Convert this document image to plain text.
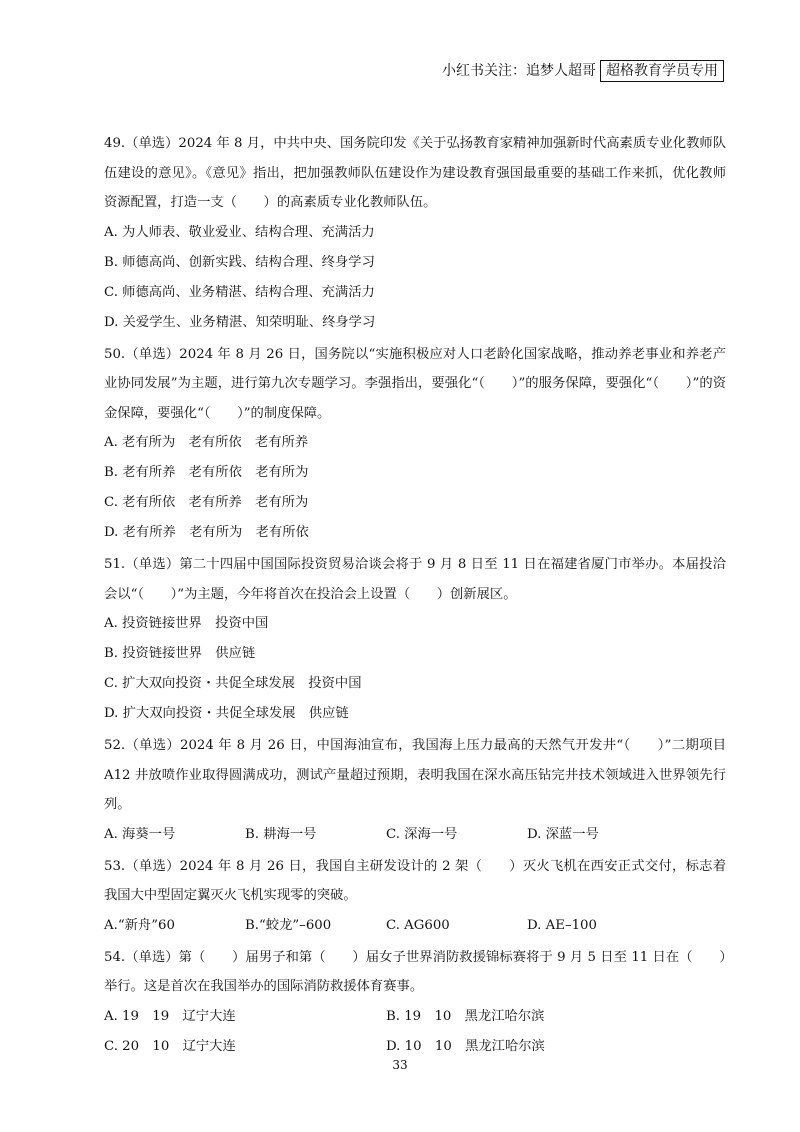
小红书关注：追梦人超哥 超格教育学员专用

49.（单选）2024 年 8 月，中共中央、国务院印发《关于弘扬教育家精神加强新时代高素质专业化教师队伍建设的意见》。《意见》指出，把加强教师队伍建设作为建设教育强国最重要的基础工作来抓，优化教师资源配置，打造一支（　　）的高素质专业化教师队伍。

A. 为人师表、敬业爱业、结构合理、充满活力

B. 师德高尚、创新实践、结构合理、终身学习

C. 师德高尚、业务精湛、结构合理、充满活力

D. 关爱学生、业务精湛、知荣明耻、终身学习

50.（单选）2024 年 8 月 26 日，国务院以“实施积极应对人口老龄化国家战略，推动养老事业和养老产业协同发展”为主题，进行第九次专题学习。李强指出，要强化“（　　）”的服务保障，要强化“（　　）”的资金保障，要强化“（　　）”的制度保障。

A. 老有所为　老有所依　老有所养

B. 老有所养　老有所依　老有所为

C. 老有所依　老有所养　老有所为

D. 老有所养　老有所为　老有所依

51.（单选）第二十四届中国国际投资贸易洽谈会将于 9 月 8 日至 11 日在福建省厦门市举办。本届投洽会以“（　　）”为主题，今年将首次在投洽会上设置（　　）创新展区。

A. 投资链接世界　投资中国

B. 投资链接世界　供应链

C. 扩大双向投资・共促全球发展　投资中国

D. 扩大双向投资・共促全球发展　供应链

52.（单选）2024 年 8 月 26 日，中国海油宣布，我国海上压力最高的天然气开发井“（　　）”二期项目 A12 井放喷作业取得圆满成功，测试产量超过预期，表明我国在深水高压钻完井技术领域进入世界领先行列。

A. 海葵一号	B. 耕海一号	C. 深海一号	D. 深蓝一号

53.（单选）2024 年 8 月 26 日，我国自主研发设计的 2 架（　　）灭火飞机在西安正式交付，标志着我国大中型固定翼灭火飞机实现零的突破。

A.“新舟”60	B.“蛟龙”–600	C. AG600	D. AE–100

54.（单选）第（　　）届男子和第（　　）届女子世界消防救援锦标赛将于 9 月 5 日至 11 日在（　　）举行。这是首次在我国举办的国际消防救援体育赛事。

A. 19　19　辽宁大连	B. 19　10　黑龙江哈尔滨
C. 20　10　辽宁大连	D. 10　10　黑龙江哈尔滨
33
